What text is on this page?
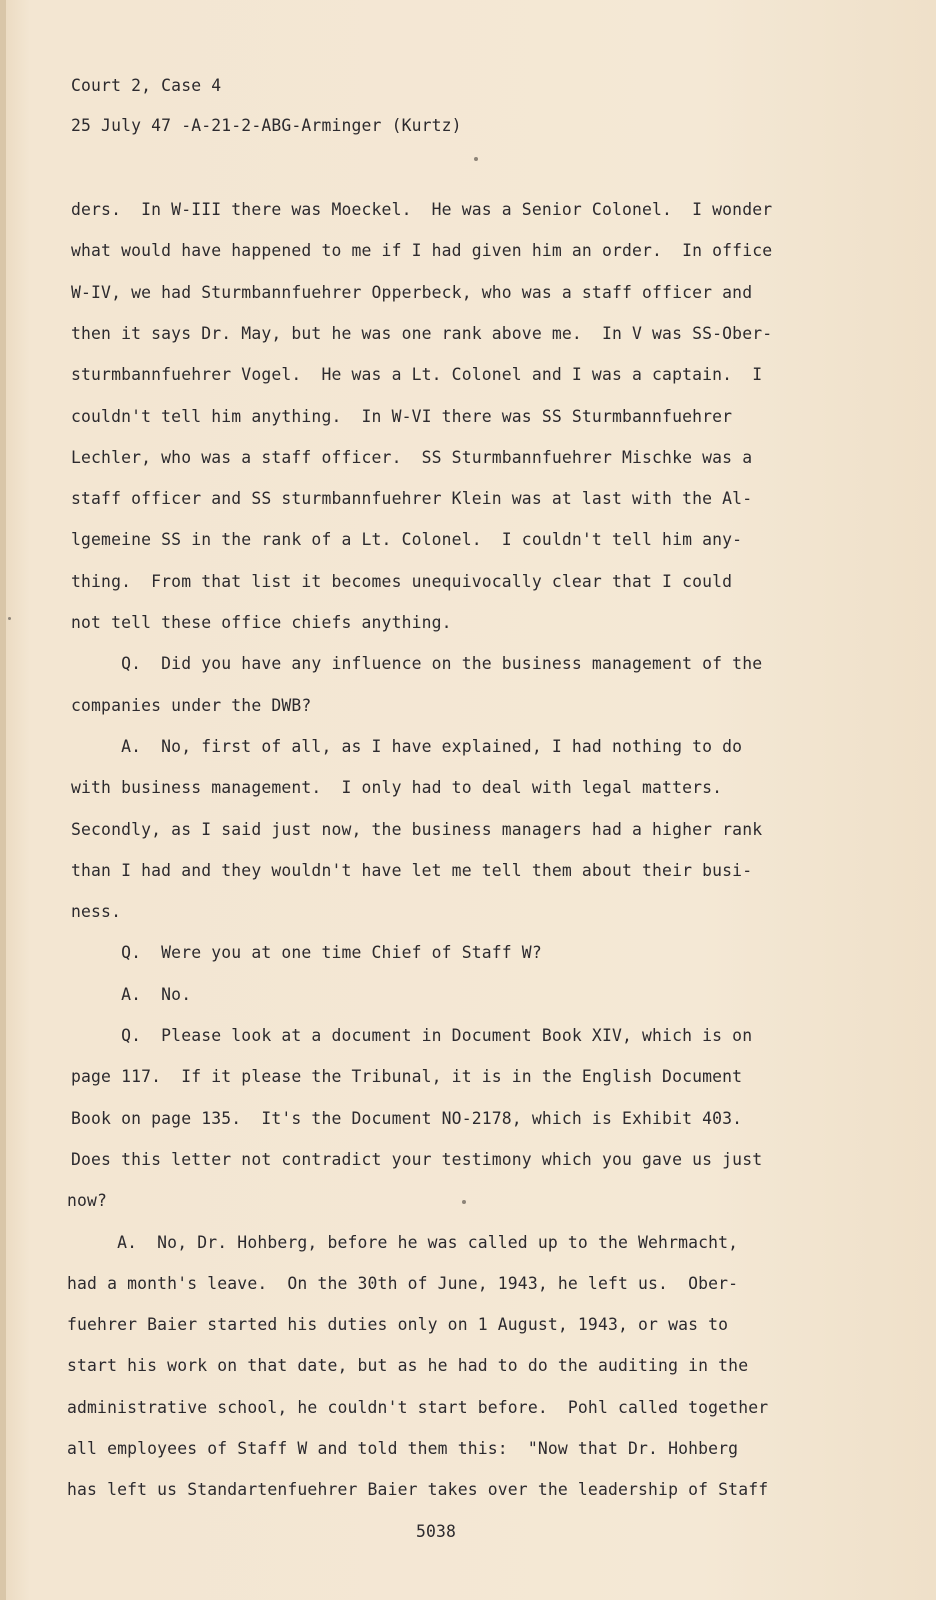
Court 2, Case 4
25 July 47 -A-21-2-ABG-Arminger (Kurtz)
ders.  In W-III there was Moeckel.  He was a Senior Colonel.  I wonder
what would have happened to me if I had given him an order.  In office
W-IV, we had Sturmbannfuehrer Opperbeck, who was a staff officer and
then it says Dr. May, but he was one rank above me.  In V was SS-Ober-
sturmbannfuehrer Vogel.  He was a Lt. Colonel and I was a captain.  I
couldn't tell him anything.  In W-VI there was SS Sturmbannfuehrer
Lechler, who was a staff officer.  SS Sturmbannfuehrer Mischke was a
staff officer and SS sturmbannfuehrer Klein was at last with the Al-
lgemeine SS in the rank of a Lt. Colonel.  I couldn't tell him any-
thing.  From that list it becomes unequivocally clear that I could
not tell these office chiefs anything.
Q.  Did you have any influence on the business management of the
companies under the DWB?
A.  No, first of all, as I have explained, I had nothing to do
with business management.  I only had to deal with legal matters.
Secondly, as I said just now, the business managers had a higher rank
than I had and they wouldn't have let me tell them about their busi-
ness.
Q.  Were you at one time Chief of Staff W?
A.  No.
Q.  Please look at a document in Document Book XIV, which is on
page 117.  If it please the Tribunal, it is in the English Document
Book on page 135.  It's the Document NO-2178, which is Exhibit 403.
Does this letter not contradict your testimony which you gave us just
now?
A.  No, Dr. Hohberg, before he was called up to the Wehrmacht,
had a month's leave.  On the 30th of June, 1943, he left us.  Ober-
fuehrer Baier started his duties only on 1 August, 1943, or was to
start his work on that date, but as he had to do the auditing in the
administrative school, he couldn't start before.  Pohl called together
all employees of Staff W and told them this:  "Now that Dr. Hohberg
has left us Standartenfuehrer Baier takes over the leadership of Staff
5038
